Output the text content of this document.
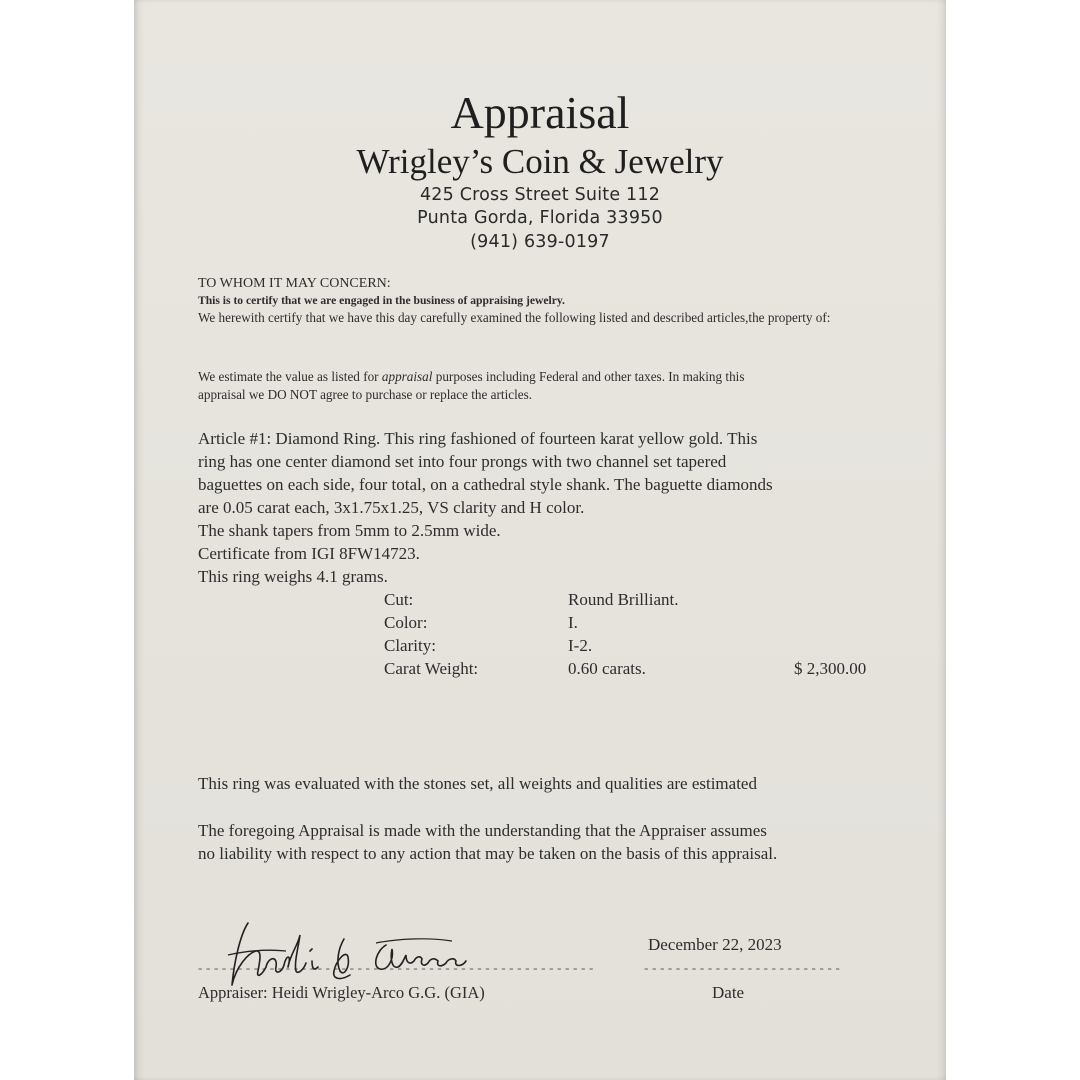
Appraisal
Wrigley’s Coin & Jewelry
425 Cross Street Suite 112
Punta Gorda, Florida 33950
(941) 639-0197
TO WHOM IT MAY CONCERN:
This is to certify that we are engaged in the business of appraising jewelry.
We herewith certify that we have this day carefully examined the following listed and described articles,the property of:
We estimate the value as listed for appraisal purposes including Federal and other taxes. In making this
appraisal we DO NOT agree to purchase or replace the articles.
Article #1: Diamond Ring. This ring fashioned of fourteen karat yellow gold. This
ring has one center diamond set into four prongs with two channel set tapered
baguettes on each side, four total, on a cathedral style shank. The baguette diamonds
are 0.05 carat each, 3x1.75x1.25, VS clarity and H color.
The shank tapers from 5mm to 2.5mm wide.
Certificate from IGI 8FW14723.
This ring weighs 4.1 grams.
Cut:	Round Brilliant.
Color:	I.
Clarity:	I-2.
Carat Weight:	0.60 carats.	$ 2,300.00
This ring was evaluated with the stones set, all weights and qualities are estimated
The foregoing Appraisal is made with the understanding that the Appraiser assumes
no liability with respect to any action that may be taken on the basis of this appraisal.
- - - - - - - - - - - - - - - - - - - - - - - - - - - - - - - - - - - - - - - - - - - - - - - - - -
Appraiser: Heidi Wrigley-Arco G.G. (GIA)
December 22, 2023
- - - - - - - - - - - - - - - - - - - - - - - - -
Date
